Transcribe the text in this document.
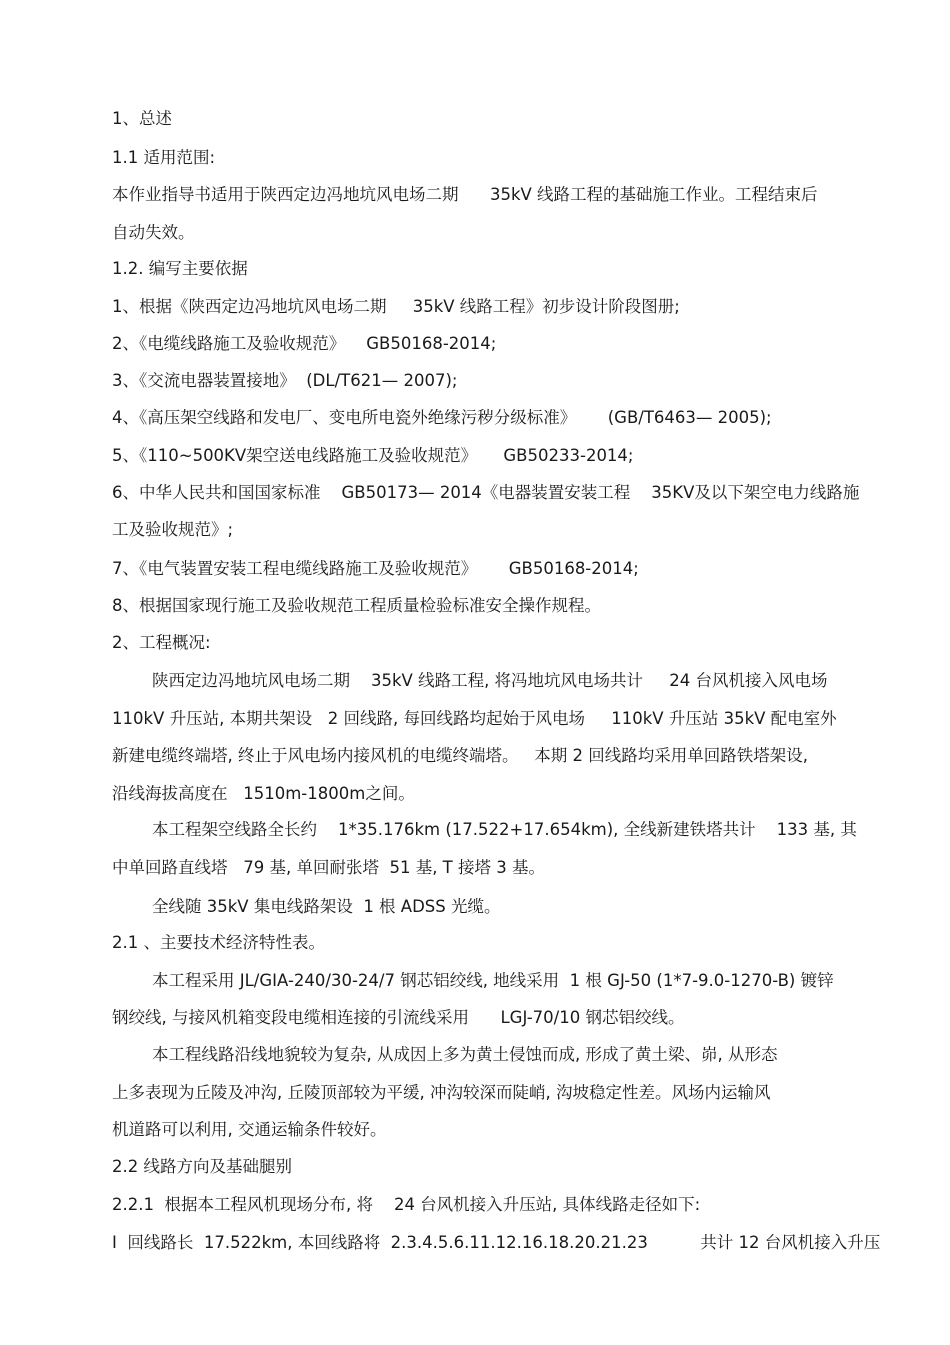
1、总述
1.1 适用范围:
本作业指导书适用于陕西定边冯地坑风电场二期      35kV 线路工程的基础施工作业。工程结束后
自动失效。
1.2. 编写主要依据
1、根据《陕西定边冯地坑风电场二期     35kV 线路工程》初步设计阶段图册;
2、《电缆线路施工及验收规范》    GB50168-2014;
3、《交流电器装置接地》  (DL/T621— 2007);
4、《高压架空线路和发电厂、变电所电瓷外绝缘污秽分级标准》      (GB/T6463— 2005);
5、《110~500KV架空送电线路施工及验收规范》     GB50233-2014;
6、中华人民共和国国家标准    GB50173— 2014《电器装置安装工程    35KV及以下架空电力线路施
工及验收规范》;
7、《电气装置安装工程电缆线路施工及验收规范》      GB50168-2014;
8、根据国家现行施工及验收规范工程质量检验标准安全操作规程。
2、工程概况:
陕西定边冯地坑风电场二期    35kV 线路工程, 将冯地坑风电场共计     24 台风机接入风电场
110kV 升压站, 本期共架设   2 回线路, 每回线路均起始于风电场     110kV 升压站 35kV 配电室外
新建电缆终端塔, 终止于风电场内接风机的电缆终端塔。   本期 2 回线路均采用单回路铁塔架设,
沿线海拔高度在   1510m-1800m之间。
本工程架空线路全长约    1*35.176km (17.522+17.654km), 全线新建铁塔共计    133 基, 其
中单回路直线塔   79 基, 单回耐张塔  51 基, T 接塔 3 基。
全线随 35kV 集电线路架设  1 根 ADSS 光缆。
2.1 、主要技术经济特性表。
本工程采用 JL/GIA-240/30-24/7 钢芯铝绞线, 地线采用  1 根 GJ-50 (1*7-9.0-1270-B) 镀锌
钢绞线, 与接风机箱变段电缆相连接的引流线采用      LGJ-70/10 钢芯铝绞线。
本工程线路沿线地貌较为复杂, 从成因上多为黄土侵蚀而成, 形成了黄土梁、峁, 从形态
上多表现为丘陵及冲沟, 丘陵顶部较为平缓, 冲沟较深而陡峭, 沟坡稳定性差。风场内运输风
机道路可以利用, 交通运输条件较好。
2.2 线路方向及基础腿别
2.2.1  根据本工程风机现场分布, 将    24 台风机接入升压站, 具体线路走径如下:
I  回线路长  17.522km, 本回线路将  2.3.4.5.6.11.12.16.18.20.21.23          共计 12 台风机接入升压
